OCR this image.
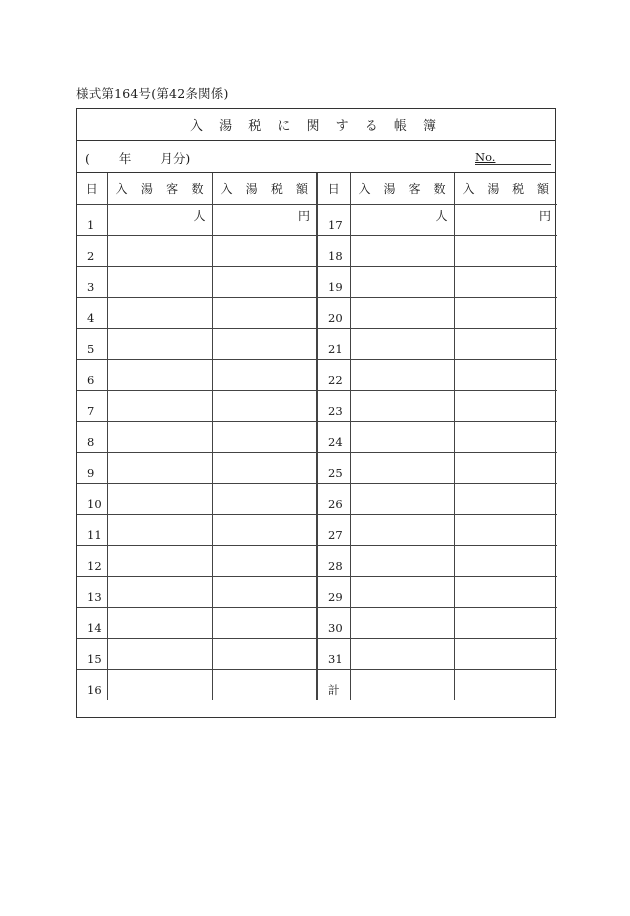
様式第164号(第42条関係)
入 湯 税 に 関 す る 帳 簿
(　　 年　　 月分)	No.
日	入 湯 客 数	入 湯 税 額	日	入 湯 客 数	入 湯 税 額

1	人	円	17	人	円

2			18		
3			19		
4			20		
5			21		
6			22		
7			23		
8			24		
9			25		
10			26		
11			27		
12			28		
13			29		
14			30		
15			31		
16			計		
